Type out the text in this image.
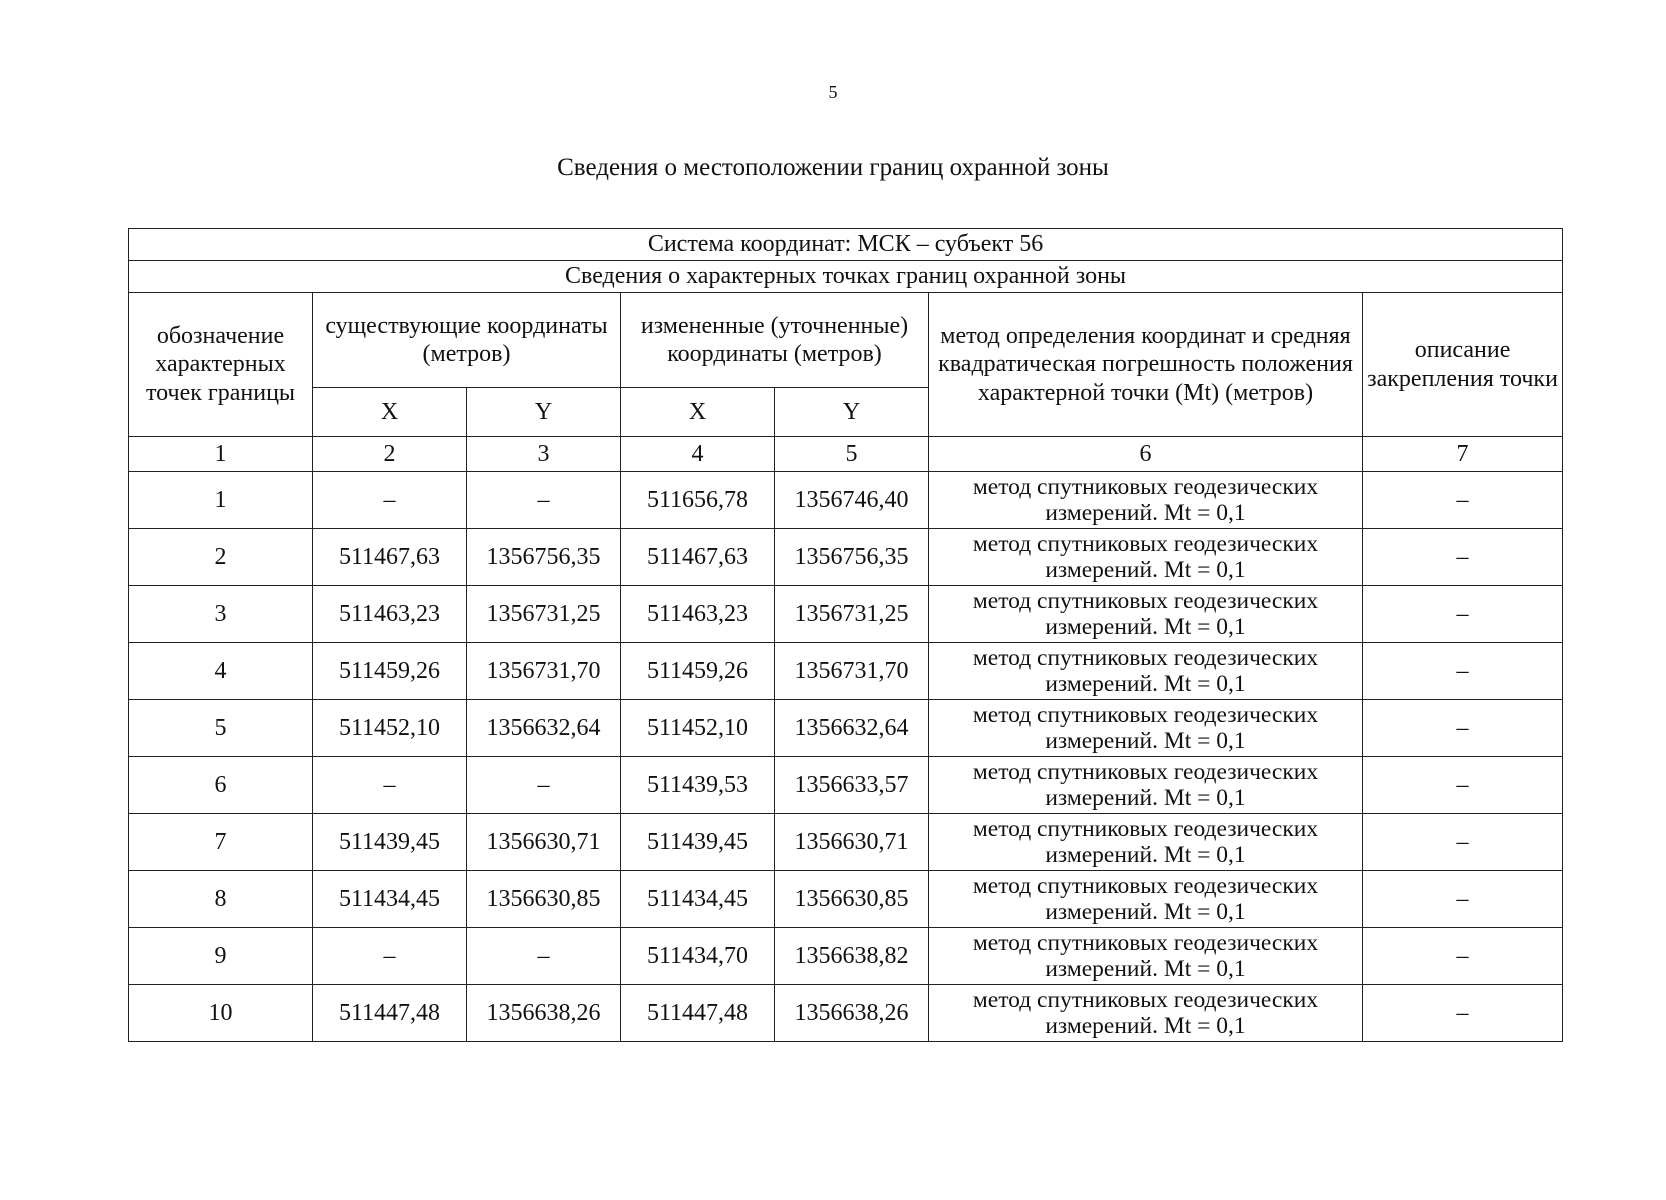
5
Сведения о местоположении границ охранной зоны
Система координат: МСК – субъект 56						
Сведения о характерных точках границ охранной зоны						
обозначение характерных точек границы	существующие координаты (метров)		измененные (уточненные) координаты (метров)		метод определения координат и средняя квадратическая погрешность положения характерной точки (Mt) (метров)	описание закрепления точки
	X	Y	X	Y		
1	2	3	4	5	6	7
1	–	–	511656,78	1356746,40	метод спутниковых геодезических измерений. Mt = 0,1	–
2	511467,63	1356756,35	511467,63	1356756,35	метод спутниковых геодезических измерений. Mt = 0,1	–
3	511463,23	1356731,25	511463,23	1356731,25	метод спутниковых геодезических измерений. Mt = 0,1	–
4	511459,26	1356731,70	511459,26	1356731,70	метод спутниковых геодезических измерений. Mt = 0,1	–
5	511452,10	1356632,64	511452,10	1356632,64	метод спутниковых геодезических измерений. Mt = 0,1	–
6	–	–	511439,53	1356633,57	метод спутниковых геодезических измерений. Mt = 0,1	–
7	511439,45	1356630,71	511439,45	1356630,71	метод спутниковых геодезических измерений. Mt = 0,1	–
8	511434,45	1356630,85	511434,45	1356630,85	метод спутниковых геодезических измерений. Mt = 0,1	–
9	–	–	511434,70	1356638,82	метод спутниковых геодезических измерений. Mt = 0,1	–
10	511447,48	1356638,26	511447,48	1356638,26	метод спутниковых геодезических измерений. Mt = 0,1	–
